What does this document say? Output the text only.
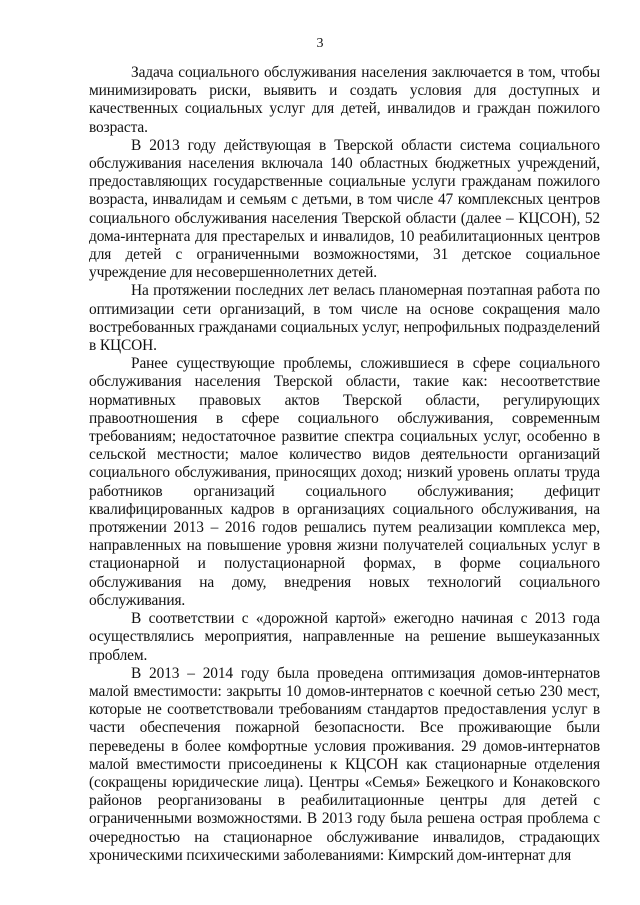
3

Задача социального обслуживания населения заключается в том, чтобы минимизировать риски, выявить и создать условия для доступных и качественных социальных услуг для детей, инвалидов и граждан пожилого возраста.

В 2013 году действующая в Тверской области система социального обслуживания населения включала 140 областных бюджетных учреждений, предоставляющих государственные социальные услуги гражданам пожилого возраста, инвалидам и семьям с детьми, в том числе 47 комплексных центров социального обслуживания населения Тверской области (далее – КЦСОН), 52 дома-интерната для престарелых и инвалидов, 10 реабилитационных центров для детей с ограниченными возможностями, 31 детское социальное учреждение для несовершеннолетних детей.

На протяжении последних лет велась планомерная поэтапная работа по оптимизации сети организаций, в том числе на основе сокращения мало востребованных гражданами социальных услуг, непрофильных подразделений в КЦСОН.

Ранее существующие проблемы, сложившиеся в сфере социального обслуживания населения Тверской области, такие как: несоответствие нормативных правовых актов Тверской области, регулирующих правоотношения в сфере социального обслуживания, современным требованиям; недостаточное развитие спектра социальных услуг, особенно в сельской местности; малое количество видов деятельности организаций социального обслуживания, приносящих доход; низкий уровень оплаты труда работников организаций социального обслуживания; дефицит квалифицированных кадров в организациях социального обслуживания, на протяжении 2013 – 2016 годов решались путем реализации комплекса мер, направленных на повышение уровня жизни получателей социальных услуг в стационарной и полустационарной формах, в форме социального обслуживания на дому, внедрения новых технологий социального обслуживания.

В соответствии с «дорожной картой» ежегодно начиная с 2013 года осуществлялись мероприятия, направленные на решение вышеуказанных проблем.

В 2013 – 2014 году была проведена оптимизация домов-интернатов малой вместимости: закрыты 10 домов-интернатов с коечной сетью 230 мест, которые не соответствовали требованиям стандартов предоставления услуг в части обеспечения пожарной безопасности. Все проживающие были переведены в более комфортные условия проживания. 29 домов-интернатов малой вместимости присоединены к КЦСОН как стационарные отделения (сокращены юридические лица). Центры «Семья» Бежецкого и Конаковского районов реорганизованы в реабилитационные центры для детей с ограниченными возможностями. В 2013 году была решена острая проблема с очередностью на стационарное обслуживание инвалидов, страдающих хроническими психическими заболеваниями: Кимрский дом-интернат для
